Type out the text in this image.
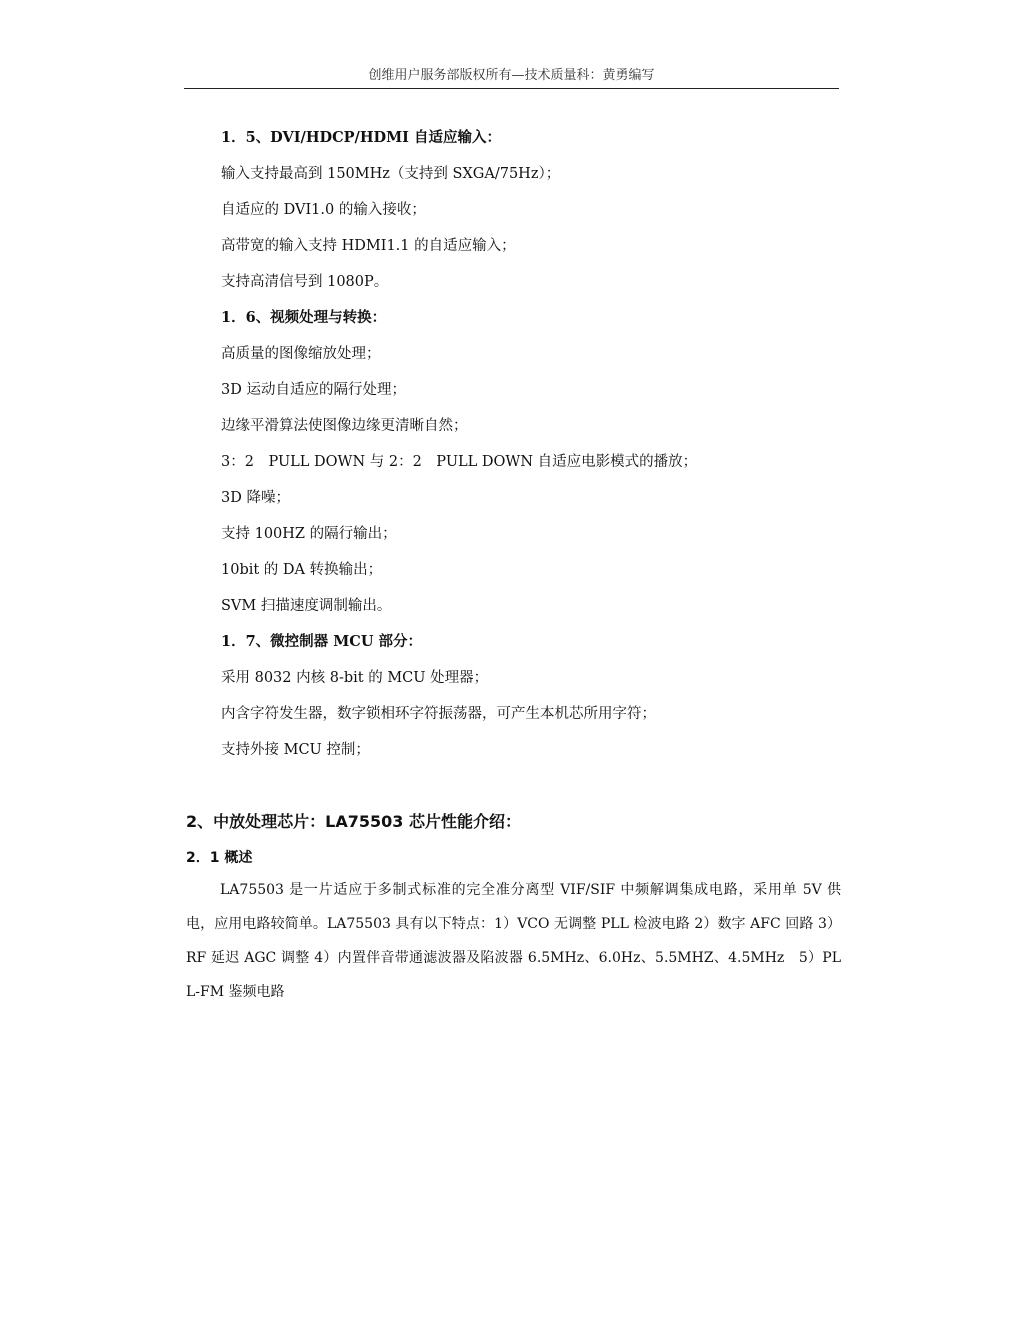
创维用户服务部版权所有—技术质量科：黄勇编写
1．5、DVI/HDCP/HDMI 自适应输入：
输入支持最高到 150MHz（支持到 SXGA/75Hz）；
自适应的 DVI1.0 的输入接收；
高带宽的输入支持 HDMI1.1 的自适应输入；
支持高清信号到 1080P。
1．6、视频处理与转换：
高质量的图像缩放处理；
3D 运动自适应的隔行处理；
边缘平滑算法使图像边缘更清晰自然；
3：2　PULL DOWN 与 2：2　PULL DOWN 自适应电影模式的播放；
3D 降噪；
支持 100HZ 的隔行输出；
10bit 的 DA 转换输出；
SVM 扫描速度调制输出。
1．7、微控制器 MCU 部分：
采用 8032 内核 8-bit 的 MCU 处理器；
内含字符发生器，数字锁相环字符振荡器，可产生本机芯所用字符；
支持外接 MCU 控制；
2、中放处理芯片：LA75503 芯片性能介绍：
2．1 概述
LA75503 是一片适应于多制式标准的完全准分离型 VIF/SIF 中频解调集成电路，采用单 5V 供电，应用电路较简单。LA75503 具有以下特点：1）VCO 无调整 PLL 检波电路 2）数字 AFC 回路 3）RF 延迟 AGC 调整 4）内置伴音带通滤波器及陷波器 6.5MHz、6.0Hz、5.5MHZ、4.5MHz　5）PLL-FM 鉴频电路
